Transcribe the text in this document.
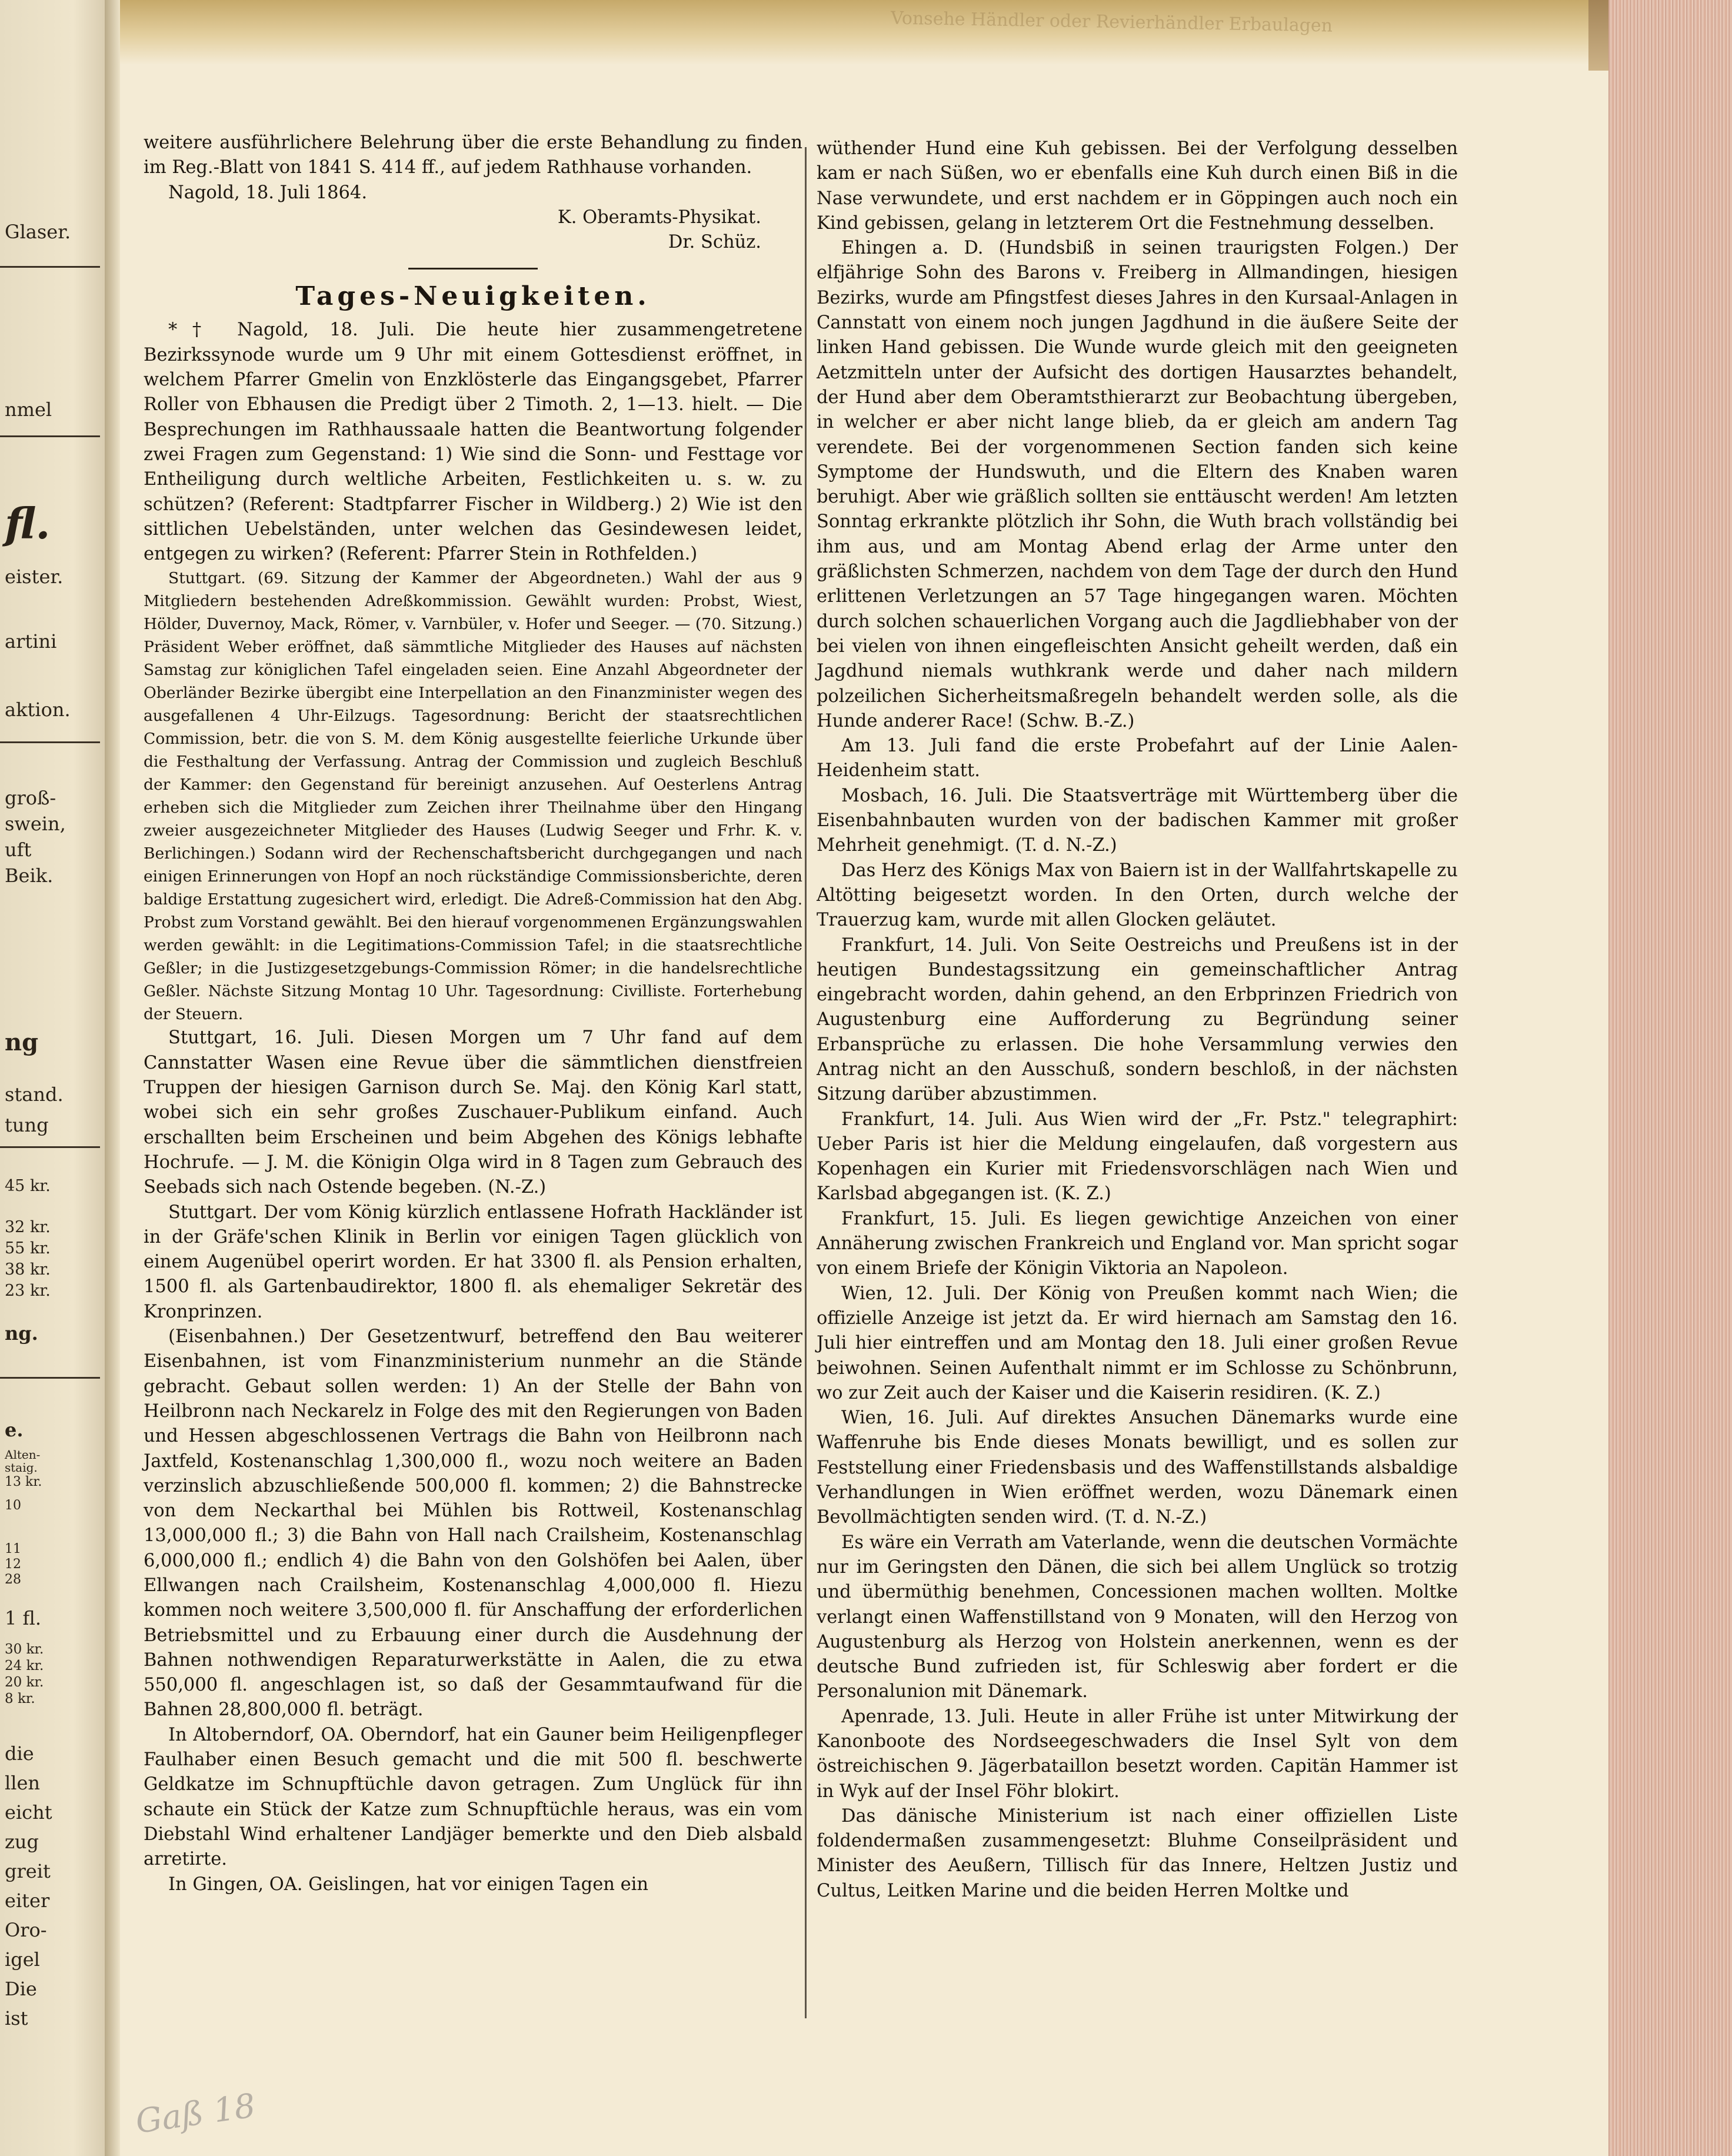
Glaser.
nmel
fl.
eister.
artini
aktion.
groß-
swein,
uft
Beik.
ng
stand.
tung
45 kr.
32 kr.
55 kr.
38 kr.
23 kr.
ng.
e.
Alten-
staig.
13 kr.
10
11
12
28
1 fl.
30 kr.
24 kr.
20 kr.
8 kr.
die
llen
eicht
zug
greit
eiter
Oro-
igel
Die
ist
Vonsehe Händler oder Revierhändler Erbaulagen

weitere ausführlichere Belehrung über die erste Behandlung zu finden im Reg.-Blatt von 1841 S. 414 ff., auf jedem Rathhause vorhanden.

Nagold, 18. Juli 1864.

K. Oberamts-Physikat.

Dr. Schüz.

Tages-Neuigkeiten.

*† Nagold, 18. Juli. Die heute hier zusammengetretene Bezirkssynode wurde um 9 Uhr mit einem Gottesdienst eröffnet, in welchem Pfarrer Gmelin von Enzklösterle das Eingangsgebet, Pfarrer Roller von Ebhausen die Predigt über 2 Timoth. 2, 1—13. hielt. — Die Besprechungen im Rathhaussaale hatten die Beantwortung folgender zwei Fragen zum Gegenstand: 1) Wie sind die Sonn- und Festtage vor Entheiligung durch weltliche Arbeiten, Festlichkeiten u. s. w. zu schützen? (Referent: Stadtpfarrer Fischer in Wildberg.) 2) Wie ist den sittlichen Uebelständen, unter welchen das Gesindewesen leidet, entgegen zu wirken? (Referent: Pfarrer Stein in Rothfelden.)

Stuttgart. (69. Sitzung der Kammer der Abgeordneten.) Wahl der aus 9 Mitgliedern bestehenden Adreßkommission. Gewählt wurden: Probst, Wiest, Hölder, Duvernoy, Mack, Römer, v. Varnbüler, v. Hofer und Seeger. — (70. Sitzung.) Präsident Weber eröffnet, daß sämmtliche Mitglieder des Hauses auf nächsten Samstag zur königlichen Tafel eingeladen seien. Eine Anzahl Abgeordneter der Oberländer Bezirke übergibt eine Interpellation an den Finanzminister wegen des ausgefallenen 4 Uhr-Eilzugs. Tagesordnung: Bericht der staatsrechtlichen Commission, betr. die von S. M. dem König ausgestellte feierliche Urkunde über die Festhaltung der Verfassung. Antrag der Commission und zugleich Beschluß der Kammer: den Gegenstand für bereinigt anzusehen. Auf Oesterlens Antrag erheben sich die Mitglieder zum Zeichen ihrer Theilnahme über den Hingang zweier ausgezeichneter Mitglieder des Hauses (Ludwig Seeger und Frhr. K. v. Berlichingen.) Sodann wird der Rechenschaftsbericht durchgegangen und nach einigen Erinnerungen von Hopf an noch rückständige Commissionsberichte, deren baldige Erstattung zugesichert wird, erledigt. Die Adreß-Commission hat den Abg. Probst zum Vorstand gewählt. Bei den hierauf vorgenommenen Ergänzungswahlen werden gewählt: in die Legitimations-Commission Tafel; in die staatsrechtliche Geßler; in die Justizgesetzgebungs-Commission Römer; in die handelsrechtliche Geßler. Nächste Sitzung Montag 10 Uhr. Tagesordnung: Civilliste. Forterhebung der Steuern.

Stuttgart, 16. Juli. Diesen Morgen um 7 Uhr fand auf dem Cannstatter Wasen eine Revue über die sämmtlichen dienstfreien Truppen der hiesigen Garnison durch Se. Maj. den König Karl statt, wobei sich ein sehr großes Zuschauer-Publikum einfand. Auch erschallten beim Erscheinen und beim Abgehen des Königs lebhafte Hochrufe. — J. M. die Königin Olga wird in 8 Tagen zum Gebrauch des Seebads sich nach Ostende begeben. (N.-Z.)

Stuttgart. Der vom König kürzlich entlassene Hofrath Hackländer ist in der Gräfe'schen Klinik in Berlin vor einigen Tagen glücklich von einem Augenübel operirt worden. Er hat 3300 fl. als Pension erhalten, 1500 fl. als Gartenbaudirektor, 1800 fl. als ehemaliger Sekretär des Kronprinzen.

(Eisenbahnen.) Der Gesetzentwurf, betreffend den Bau weiterer Eisenbahnen, ist vom Finanzministerium nunmehr an die Stände gebracht. Gebaut sollen werden: 1) An der Stelle der Bahn von Heilbronn nach Neckarelz in Folge des mit den Regierungen von Baden und Hessen abgeschlossenen Vertrags die Bahn von Heilbronn nach Jaxtfeld, Kostenanschlag 1,300,000 fl., wozu noch weitere an Baden verzinslich abzuschließende 500,000 fl. kommen; 2) die Bahnstrecke von dem Neckarthal bei Mühlen bis Rottweil, Kostenanschlag 13,000,000 fl.; 3) die Bahn von Hall nach Crailsheim, Kostenanschlag 6,000,000 fl.; endlich 4) die Bahn von den Golshöfen bei Aalen, über Ellwangen nach Crailsheim, Kostenanschlag 4,000,000 fl. Hiezu kommen noch weitere 3,500,000 fl. für Anschaffung der erforderlichen Betriebsmittel und zu Erbauung einer durch die Ausdehnung der Bahnen nothwendigen Reparaturwerkstätte in Aalen, die zu etwa 550,000 fl. angeschlagen ist, so daß der Gesammtaufwand für die Bahnen 28,800,000 fl. beträgt.

In Altoberndorf, OA. Oberndorf, hat ein Gauner beim Heiligenpfleger Faulhaber einen Besuch gemacht und die mit 500 fl. beschwerte Geldkatze im Schnupftüchle davon getragen. Zum Unglück für ihn schaute ein Stück der Katze zum Schnupftüchle heraus, was ein vom Diebstahl Wind erhaltener Landjäger bemerkte und den Dieb alsbald arretirte.

In Gingen, OA. Geislingen, hat vor einigen Tagen ein

wüthender Hund eine Kuh gebissen. Bei der Verfolgung desselben kam er nach Süßen, wo er ebenfalls eine Kuh durch einen Biß in die Nase verwundete, und erst nachdem er in Göppingen auch noch ein Kind gebissen, gelang in letzterem Ort die Festnehmung desselben.

Ehingen a. D. (Hundsbiß in seinen traurigsten Folgen.) Der elfjährige Sohn des Barons v. Freiberg in Allmandingen, hiesigen Bezirks, wurde am Pfingstfest dieses Jahres in den Kursaal-Anlagen in Cannstatt von einem noch jungen Jagdhund in die äußere Seite der linken Hand gebissen. Die Wunde wurde gleich mit den geeigneten Aetzmitteln unter der Aufsicht des dortigen Hausarztes behandelt, der Hund aber dem Oberamtsthierarzt zur Beobachtung übergeben, in welcher er aber nicht lange blieb, da er gleich am andern Tag verendete. Bei der vorgenommenen Section fanden sich keine Symptome der Hundswuth, und die Eltern des Knaben waren beruhigt. Aber wie gräßlich sollten sie enttäuscht werden! Am letzten Sonntag erkrankte plötzlich ihr Sohn, die Wuth brach vollständig bei ihm aus, und am Montag Abend erlag der Arme unter den gräßlichsten Schmerzen, nachdem von dem Tage der durch den Hund erlittenen Verletzungen an 57 Tage hingegangen waren. Möchten durch solchen schauerlichen Vorgang auch die Jagdliebhaber von der bei vielen von ihnen eingefleischten Ansicht geheilt werden, daß ein Jagdhund niemals wuthkrank werde und daher nach mildern polzeilichen Sicherheitsmaßregeln behandelt werden solle, als die Hunde anderer Race! (Schw. B.-Z.)

Am 13. Juli fand die erste Probefahrt auf der Linie Aalen-Heidenheim statt.

Mosbach, 16. Juli. Die Staatsverträge mit Württemberg über die Eisenbahnbauten wurden von der badischen Kammer mit großer Mehrheit genehmigt. (T. d. N.-Z.)

Das Herz des Königs Max von Baiern ist in der Wallfahrtskapelle zu Altötting beigesetzt worden. In den Orten, durch welche der Trauerzug kam, wurde mit allen Glocken geläutet.

Frankfurt, 14. Juli. Von Seite Oestreichs und Preußens ist in der heutigen Bundestagssitzung ein gemeinschaftlicher Antrag eingebracht worden, dahin gehend, an den Erbprinzen Friedrich von Augustenburg eine Aufforderung zu Begründung seiner Erbansprüche zu erlassen. Die hohe Versammlung verwies den Antrag nicht an den Ausschuß, sondern beschloß, in der nächsten Sitzung darüber abzustimmen.

Frankfurt, 14. Juli. Aus Wien wird der „Fr. Pstz." telegraphirt: Ueber Paris ist hier die Meldung eingelaufen, daß vorgestern aus Kopenhagen ein Kurier mit Friedensvorschlägen nach Wien und Karlsbad abgegangen ist. (K. Z.)

Frankfurt, 15. Juli. Es liegen gewichtige Anzeichen von einer Annäherung zwischen Frankreich und England vor. Man spricht sogar von einem Briefe der Königin Viktoria an Napoleon.

Wien, 12. Juli. Der König von Preußen kommt nach Wien; die offizielle Anzeige ist jetzt da. Er wird hiernach am Samstag den 16. Juli hier eintreffen und am Montag den 18. Juli einer großen Revue beiwohnen. Seinen Aufenthalt nimmt er im Schlosse zu Schönbrunn, wo zur Zeit auch der Kaiser und die Kaiserin residiren. (K. Z.)

Wien, 16. Juli. Auf direktes Ansuchen Dänemarks wurde eine Waffenruhe bis Ende dieses Monats bewilligt, und es sollen zur Feststellung einer Friedensbasis und des Waffenstillstands alsbaldige Verhandlungen in Wien eröffnet werden, wozu Dänemark einen Bevollmächtigten senden wird. (T. d. N.-Z.)

Es wäre ein Verrath am Vaterlande, wenn die deutschen Vormächte nur im Geringsten den Dänen, die sich bei allem Unglück so trotzig und übermüthig benehmen, Concessionen machen wollten. Moltke verlangt einen Waffenstillstand von 9 Monaten, will den Herzog von Augustenburg als Herzog von Holstein anerkennen, wenn es der deutsche Bund zufrieden ist, für Schleswig aber fordert er die Personalunion mit Dänemark.

Apenrade, 13. Juli. Heute in aller Frühe ist unter Mitwirkung der Kanonboote des Nordseegeschwaders die Insel Sylt von dem östreichischen 9. Jägerbataillon besetzt worden. Capitän Hammer ist in Wyk auf der Insel Föhr blokirt.

Das dänische Ministerium ist nach einer offiziellen Liste foldendermaßen zusammengesetzt: Bluhme Conseilpräsident und Minister des Aeußern, Tillisch für das Innere, Heltzen Justiz und Cultus, Leitken Marine und die beiden Herren Moltke und

Gaß 18
